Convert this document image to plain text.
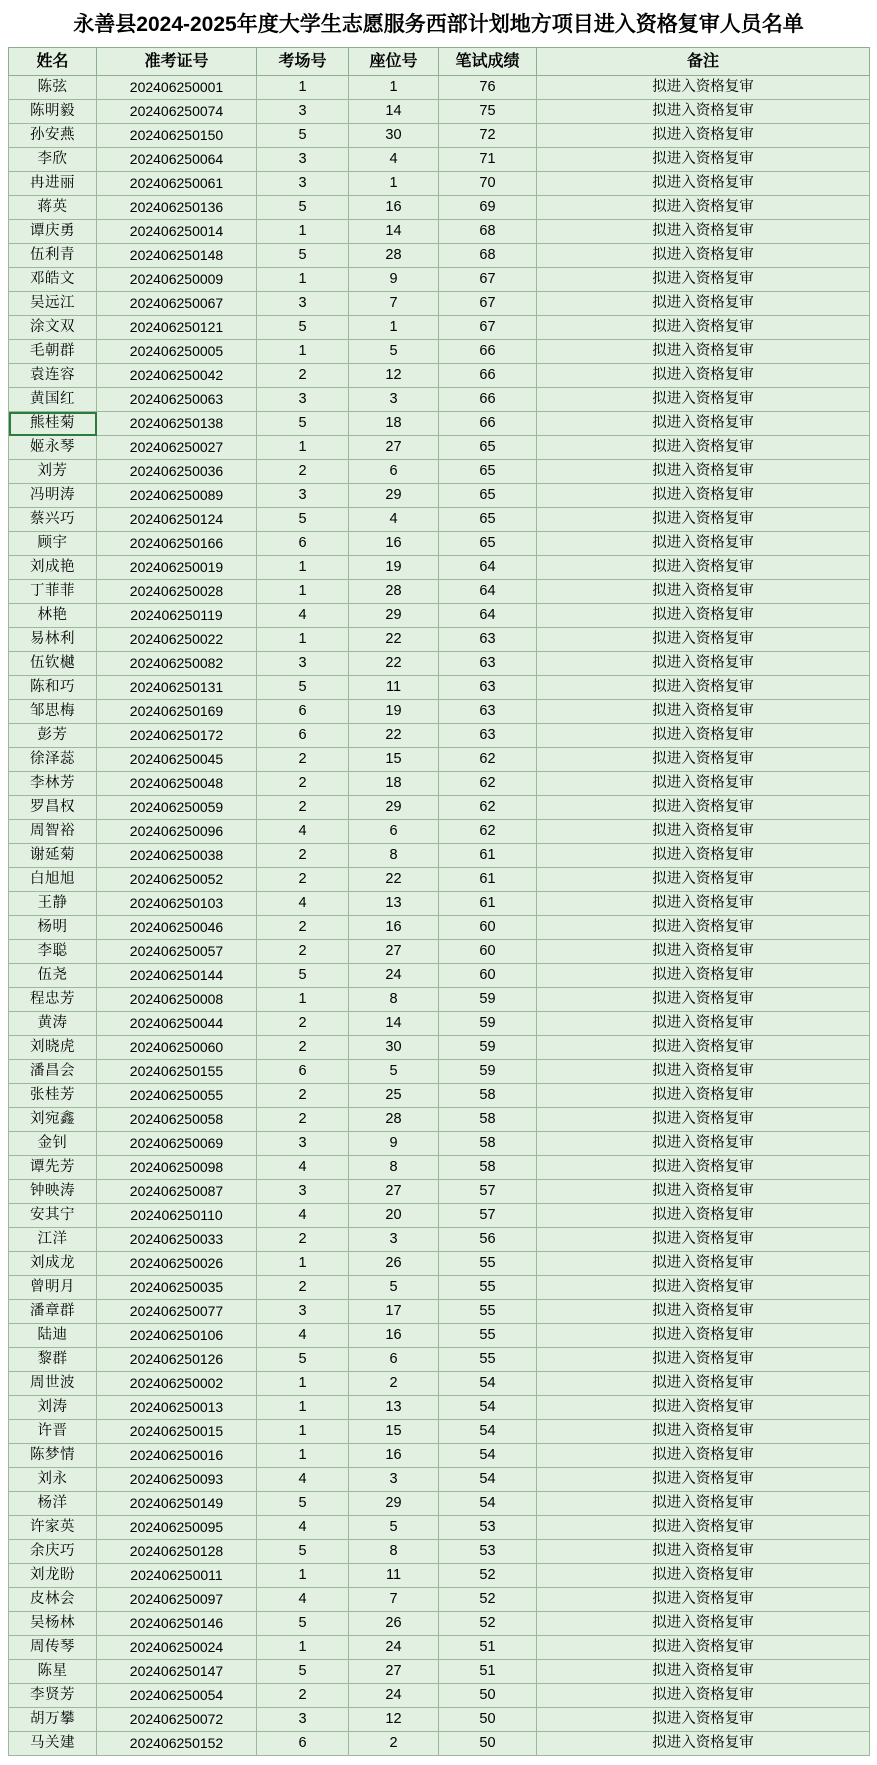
永善县2024-2025年度大学生志愿服务西部计划地方项目进入资格复审人员名单
姓名	准考证号	考场号	座位号	笔试成绩	备注
陈弦	202406250001	1	1	76	拟进入资格复审
陈明毅	202406250074	3	14	75	拟进入资格复审
孙安燕	202406250150	5	30	72	拟进入资格复审
李欣	202406250064	3	4	71	拟进入资格复审
冉进丽	202406250061	3	1	70	拟进入资格复审
蒋英	202406250136	5	16	69	拟进入资格复审
谭庆勇	202406250014	1	14	68	拟进入资格复审
伍利青	202406250148	5	28	68	拟进入资格复审
邓皓文	202406250009	1	9	67	拟进入资格复审
吴远江	202406250067	3	7	67	拟进入资格复审
涂文双	202406250121	5	1	67	拟进入资格复审
毛朝群	202406250005	1	5	66	拟进入资格复审
袁连容	202406250042	2	12	66	拟进入资格复审
黄国红	202406250063	3	3	66	拟进入资格复审
熊桂菊	202406250138	5	18	66	拟进入资格复审
姬永琴	202406250027	1	27	65	拟进入资格复审
刘芳	202406250036	2	6	65	拟进入资格复审
冯明涛	202406250089	3	29	65	拟进入资格复审
蔡兴巧	202406250124	5	4	65	拟进入资格复审
顾宇	202406250166	6	16	65	拟进入资格复审
刘成艳	202406250019	1	19	64	拟进入资格复审
丁菲菲	202406250028	1	28	64	拟进入资格复审
林艳	202406250119	4	29	64	拟进入资格复审
易林利	202406250022	1	22	63	拟进入资格复审
伍钦樾	202406250082	3	22	63	拟进入资格复审
陈和巧	202406250131	5	11	63	拟进入资格复审
邹思梅	202406250169	6	19	63	拟进入资格复审
彭芳	202406250172	6	22	63	拟进入资格复审
徐泽蕊	202406250045	2	15	62	拟进入资格复审
李林芳	202406250048	2	18	62	拟进入资格复审
罗昌权	202406250059	2	29	62	拟进入资格复审
周智裕	202406250096	4	6	62	拟进入资格复审
谢延菊	202406250038	2	8	61	拟进入资格复审
白旭旭	202406250052	2	22	61	拟进入资格复审
王静	202406250103	4	13	61	拟进入资格复审
杨明	202406250046	2	16	60	拟进入资格复审
李聪	202406250057	2	27	60	拟进入资格复审
伍尧	202406250144	5	24	60	拟进入资格复审
程忠芳	202406250008	1	8	59	拟进入资格复审
黄涛	202406250044	2	14	59	拟进入资格复审
刘晓虎	202406250060	2	30	59	拟进入资格复审
潘昌会	202406250155	6	5	59	拟进入资格复审
张桂芳	202406250055	2	25	58	拟进入资格复审
刘宛鑫	202406250058	2	28	58	拟进入资格复审
金钊	202406250069	3	9	58	拟进入资格复审
谭先芳	202406250098	4	8	58	拟进入资格复审
钟映涛	202406250087	3	27	57	拟进入资格复审
安其宁	202406250110	4	20	57	拟进入资格复审
江洋	202406250033	2	3	56	拟进入资格复审
刘成龙	202406250026	1	26	55	拟进入资格复审
曾明月	202406250035	2	5	55	拟进入资格复审
潘章群	202406250077	3	17	55	拟进入资格复审
陆迪	202406250106	4	16	55	拟进入资格复审
黎群	202406250126	5	6	55	拟进入资格复审
周世波	202406250002	1	2	54	拟进入资格复审
刘涛	202406250013	1	13	54	拟进入资格复审
许晋	202406250015	1	15	54	拟进入资格复审
陈梦情	202406250016	1	16	54	拟进入资格复审
刘永	202406250093	4	3	54	拟进入资格复审
杨洋	202406250149	5	29	54	拟进入资格复审
许家英	202406250095	4	5	53	拟进入资格复审
余庆巧	202406250128	5	8	53	拟进入资格复审
刘龙盼	202406250011	1	11	52	拟进入资格复审
皮林会	202406250097	4	7	52	拟进入资格复审
吴杨林	202406250146	5	26	52	拟进入资格复审
周传琴	202406250024	1	24	51	拟进入资格复审
陈星	202406250147	5	27	51	拟进入资格复审
李贤芳	202406250054	2	24	50	拟进入资格复审
胡万攀	202406250072	3	12	50	拟进入资格复审
马关建	202406250152	6	2	50	拟进入资格复审
